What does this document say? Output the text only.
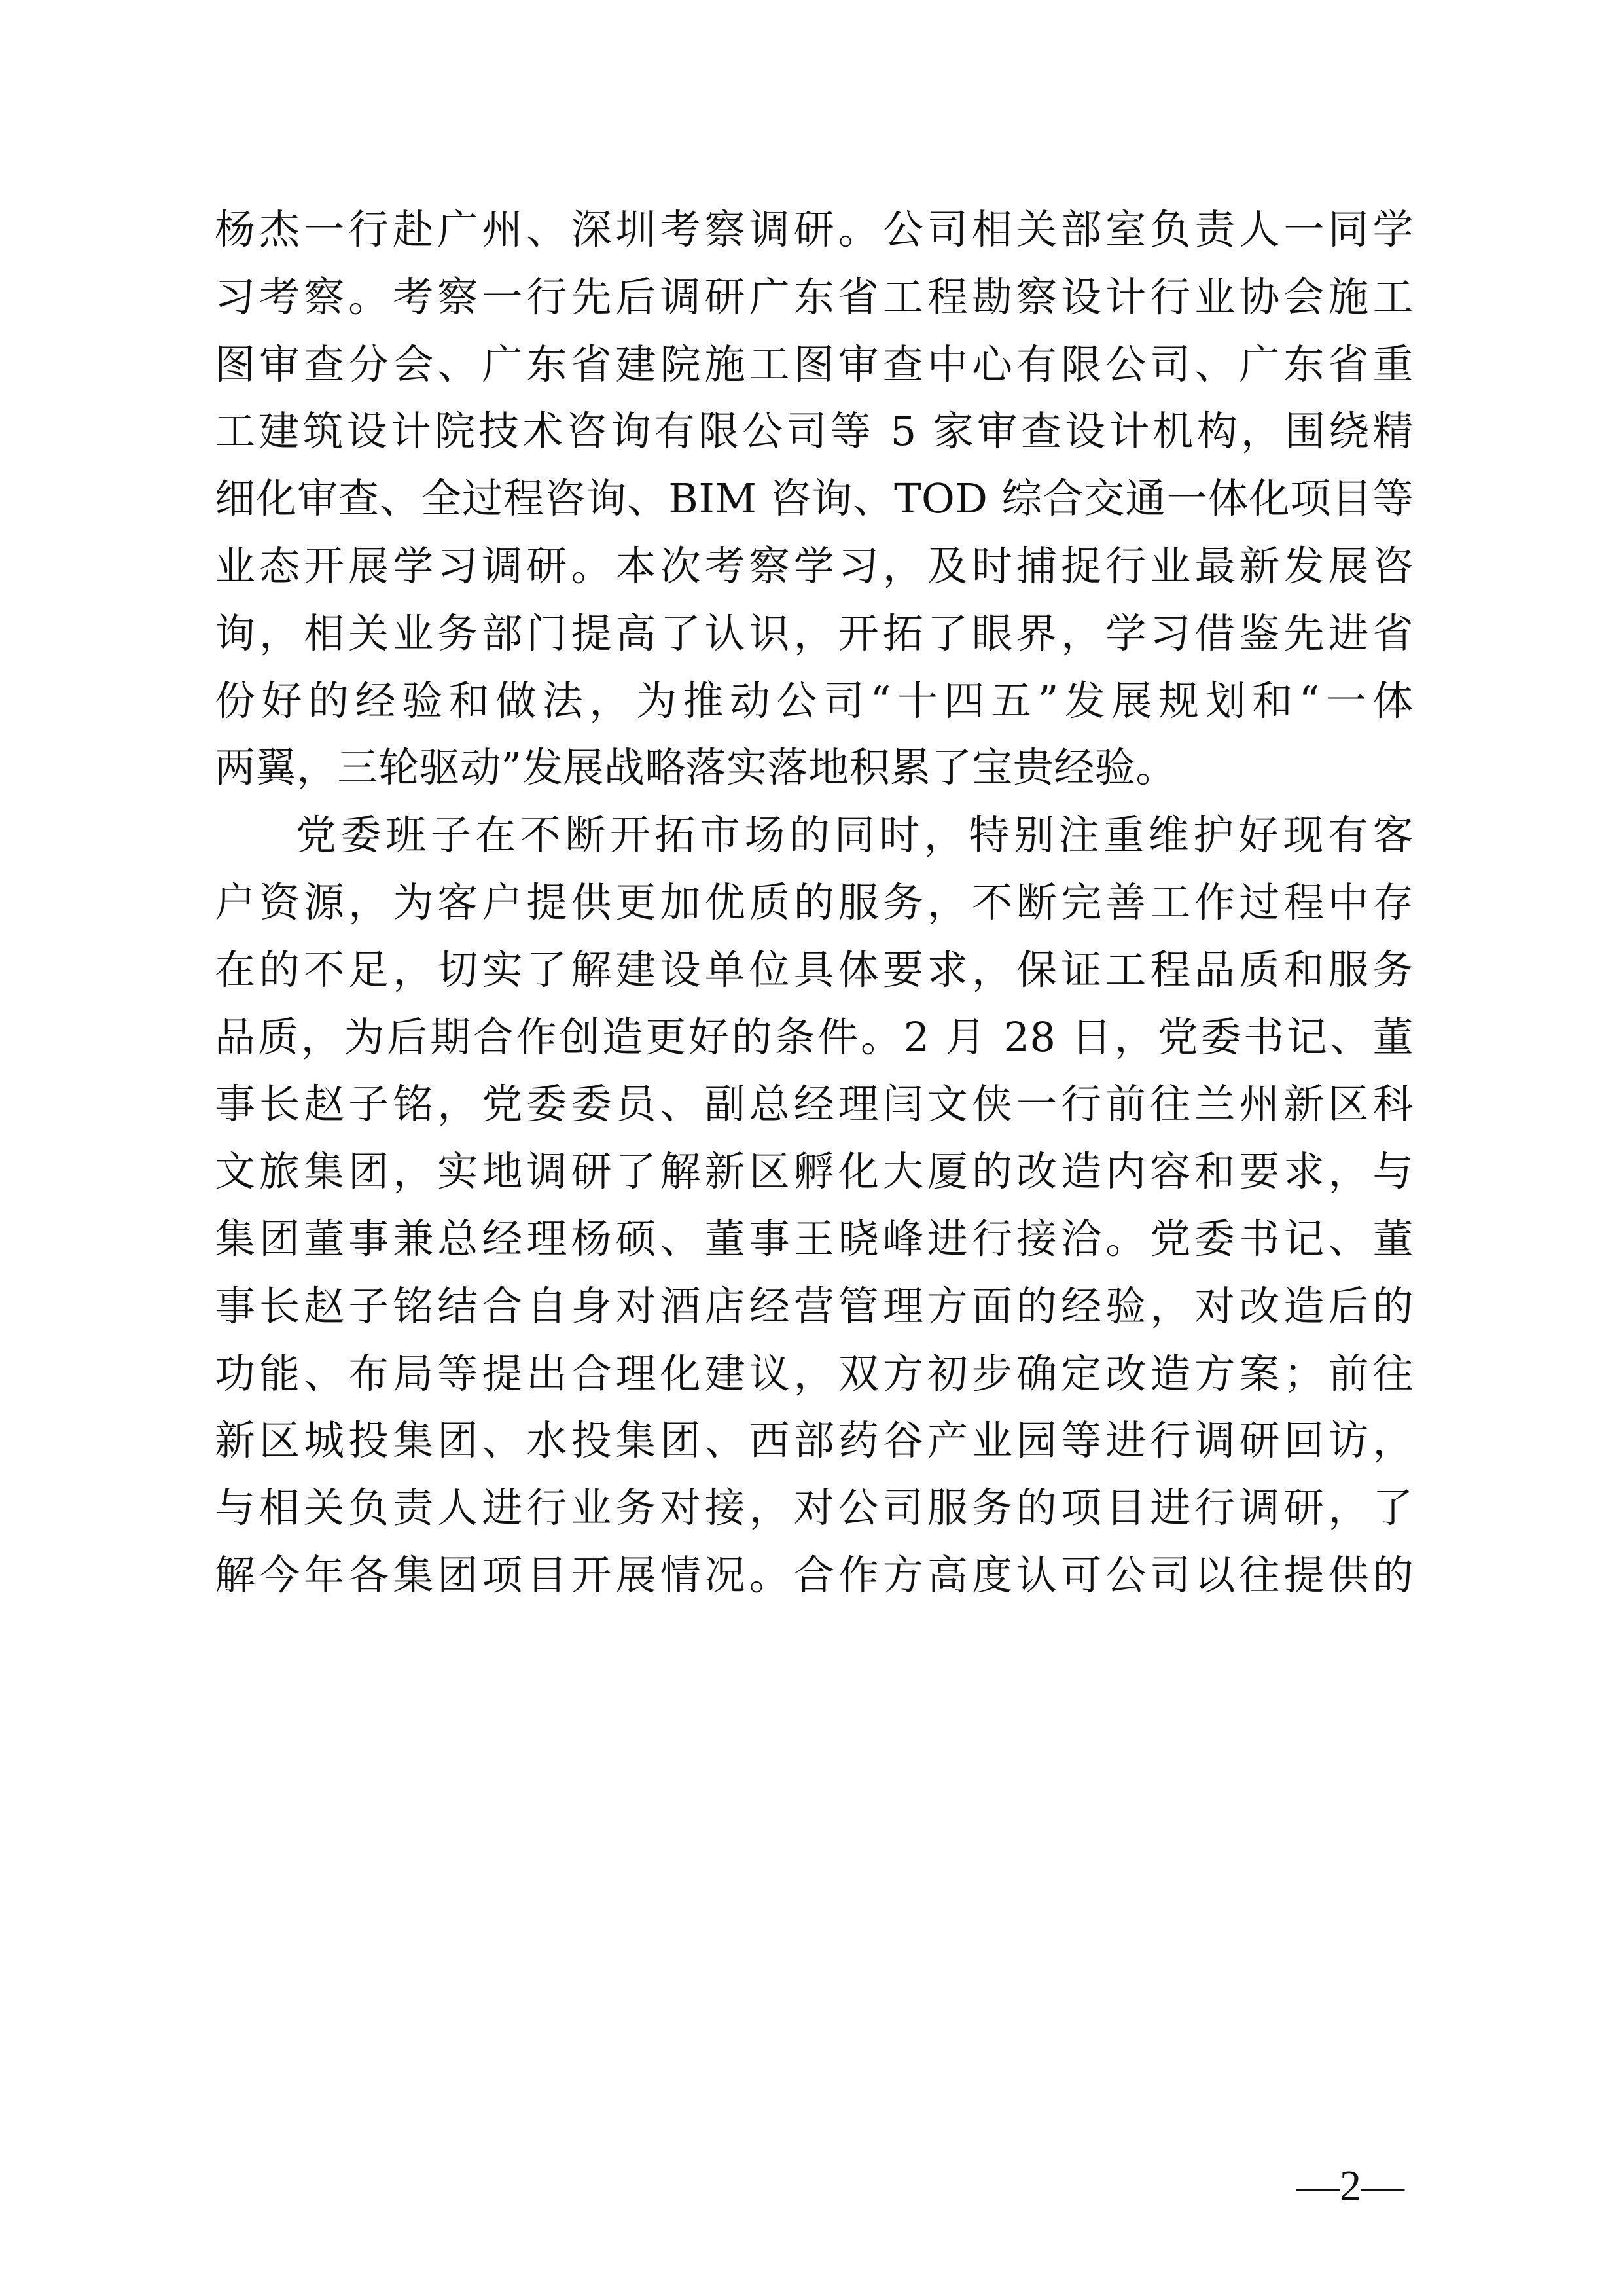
杨杰一行赴广州、深圳考察调研。公司相关部室负责人一同学
习考察。考察一行先后调研广东省工程勘察设计行业协会施工
图审查分会、广东省建院施工图审查中心有限公司、广东省重
工建筑设计院技术咨询有限公司等 5 家审查设计机构，围绕精
细化审查、全过程咨询、BIM 咨询、TOD 综合交通一体化项目等
业态开展学习调研。本次考察学习，及时捕捉行业最新发展咨
询，相关业务部门提高了认识，开拓了眼界，学习借鉴先进省
份好的经验和做法，为推动公司“十四五”发展规划和“一体
两翼，三轮驱动”发展战略落实落地积累了宝贵经验。
党委班子在不断开拓市场的同时，特别注重维护好现有客
户资源，为客户提供更加优质的服务，不断完善工作过程中存
在的不足，切实了解建设单位具体要求，保证工程品质和服务
品质，为后期合作创造更好的条件。2 月 28 日，党委书记、董
事长赵子铭，党委委员、副总经理闫文侠一行前往兰州新区科
文旅集团，实地调研了解新区孵化大厦的改造内容和要求，与
集团董事兼总经理杨硕、董事王晓峰进行接洽。党委书记、董
事长赵子铭结合自身对酒店经营管理方面的经验，对改造后的
功能、布局等提出合理化建议，双方初步确定改造方案；前往
新区城投集团、水投集团、西部药谷产业园等进行调研回访，
与相关负责人进行业务对接，对公司服务的项目进行调研，了
解今年各集团项目开展情况。合作方高度认可公司以往提供的
—2—
